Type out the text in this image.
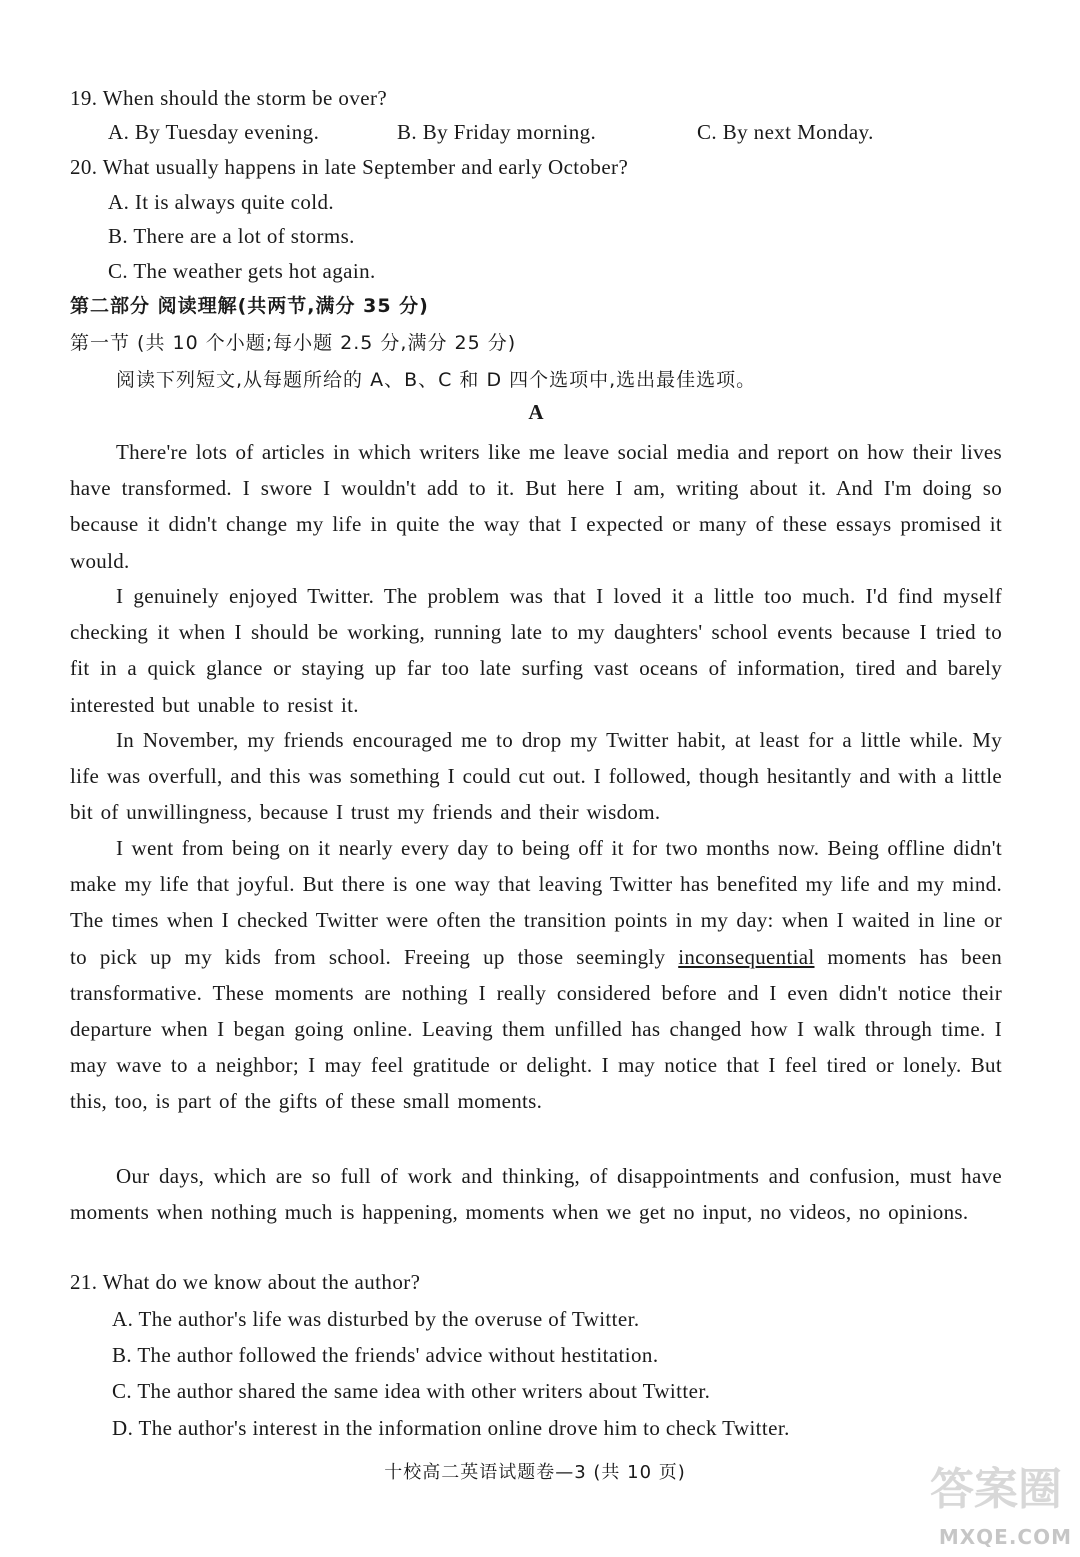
19. When should the storm be over?
A. By Tuesday evening.	B. By Friday morning.	C. By next Monday.
20. What usually happens in late September and early October?
A. It is always quite cold.
B. There are a lot of storms.
C. The weather gets hot again.
第二部分 阅读理解(共两节,满分 35 分)
第一节 (共 10 个小题;每小题 2.5 分,满分 25 分)
阅读下列短文,从每题所给的 A、B、C 和 D 四个选项中,选出最佳选项。
A
There're lots of articles in which writers like me leave social media and report on how their lives have transformed. I swore I wouldn't add to it. But here I am, writing about it. And I'm doing so because it didn't change my life in quite the way that I expected or many of these essays promised it would.
I genuinely enjoyed Twitter. The problem was that I loved it a little too much. I'd find myself checking it when I should be working, running late to my daughters' school events because I tried to fit in a quick glance or staying up far too late surfing vast oceans of information, tired and barely interested but unable to resist it.
In November, my friends encouraged me to drop my Twitter habit, at least for a little while. My life was overfull, and this was something I could cut out. I followed, though hesitantly and with a little bit of unwillingness, because I trust my friends and their wisdom.
I went from being on it nearly every day to being off it for two months now. Being offline didn't make my life that joyful. But there is one way that leaving Twitter has benefited my life and my mind. The times when I checked Twitter were often the transition points in my day: when I waited in line or to pick up my kids from school. Freeing up those seemingly inconsequential moments has been transformative. These moments are nothing I really considered before and I even didn't notice their departure when I began going online. Leaving them unfilled has changed how I walk through time. I may wave to a neighbor; I may feel gratitude or delight. I may notice that I feel tired or lonely. But this, too, is part of the gifts of these small moments.
Our days, which are so full of work and thinking, of disappointments and confusion, must have moments when nothing much is happening, moments when we get no input, no videos, no opinions.
21. What do we know about the author?
A. The author's life was disturbed by the overuse of Twitter.
B. The author followed the friends' advice without hestitation.
C. The author shared the same idea with other writers about Twitter.
D. The author's interest in the information online drove him to check Twitter.
十校高二英语试题卷—3 (共 10 页)	答案圈
MXQE.COM
